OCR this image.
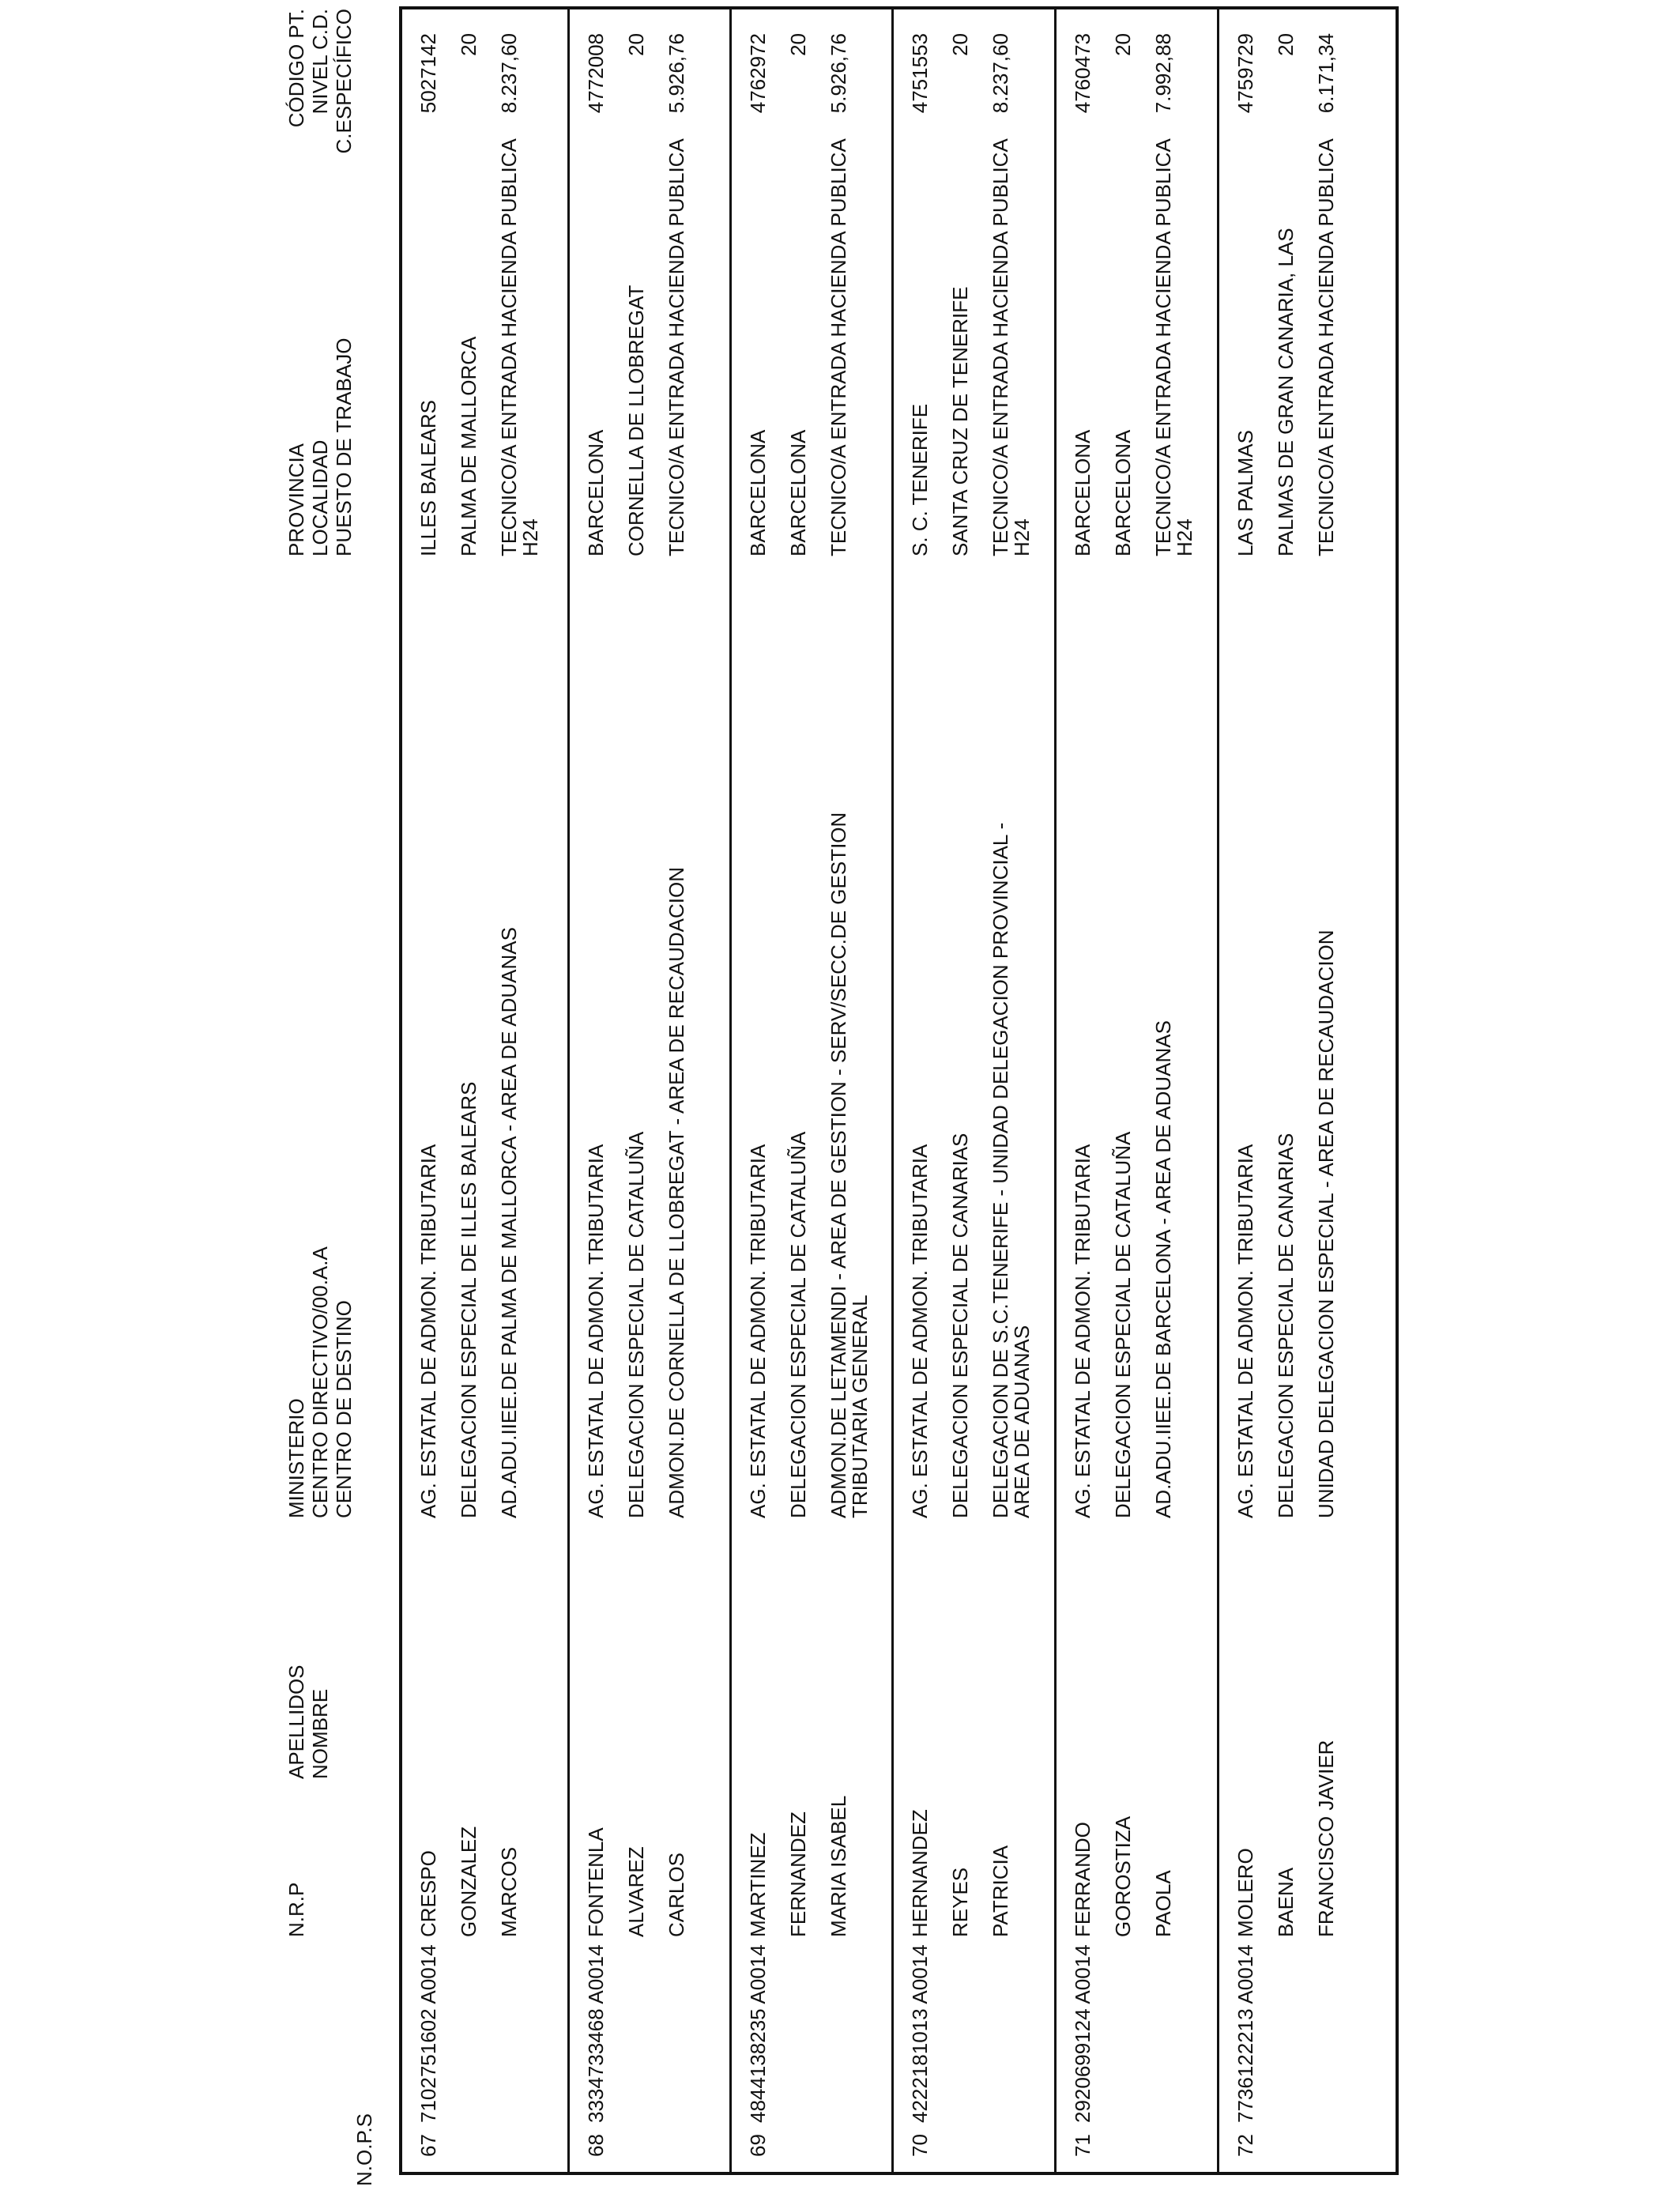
N.O.P.S
N.R.P
APELLIDOS NOMBRE
MINISTERIO CENTRO DIRECTIVO/00.A.A CENTRO DE DESTINO
PROVINCIA LOCALIDAD PUESTO DE TRABAJO
CÓDIGO PT. NIVEL C.D. C.ESPECÍFICO
67
7102751602 A0014
CRESPO GONZALEZ MARCOS
AG. ESTATAL DE ADMON. TRIBUTARIA DELEGACION ESPECIAL DE ILLES BALEARS AD.ADU.IIEE.DE PALMA DE MALLORCA - AREA DE ADUANAS
ILLES BALEARS PALMA DE MALLORCA TECNICO/A ENTRADA HACIENDA PUBLICA H24
5027142 20 8.237,60
68
3334733468 A0014
FONTENLA ALVAREZ CARLOS
AG. ESTATAL DE ADMON. TRIBUTARIA DELEGACION ESPECIAL DE CATALUÑA ADMON.DE CORNELLA DE LLOBREGAT - AREA DE RECAUDACION
BARCELONA CORNELLA DE LLOBREGAT TECNICO/A ENTRADA HACIENDA PUBLICA
4772008 20 5.926,76
69
4844138235 A0014
MARTINEZ FERNANDEZ MARIA ISABEL
AG. ESTATAL DE ADMON. TRIBUTARIA DELEGACION ESPECIAL DE CATALUÑA ADMON.DE LETAMENDI - AREA DE GESTION - SERV/SECC.DE GESTION TRIBUTARIA GENERAL
BARCELONA BARCELONA TECNICO/A ENTRADA HACIENDA PUBLICA
4762972 20 5.926,76
70
4222181013 A0014
HERNANDEZ REYES PATRICIA
AG. ESTATAL DE ADMON. TRIBUTARIA DELEGACION ESPECIAL DE CANARIAS DELEGACION DE S.C.TENERIFE - UNIDAD DELEGACION PROVINCIAL - AREA DE ADUANAS
S. C. TENERIFE SANTA CRUZ DE TENERIFE TECNICO/A ENTRADA HACIENDA PUBLICA H24
4751553 20 8.237,60
71
2920699124 A0014
FERRANDO GOROSTIZA PAOLA
AG. ESTATAL DE ADMON. TRIBUTARIA DELEGACION ESPECIAL DE CATALUÑA AD.ADU.IIEE.DE BARCELONA - AREA DE ADUANAS
BARCELONA BARCELONA TECNICO/A ENTRADA HACIENDA PUBLICA H24
4760473 20 7.992,88
72
7736122213 A0014
MOLERO BAENA FRANCISCO JAVIER
AG. ESTATAL DE ADMON. TRIBUTARIA DELEGACION ESPECIAL DE CANARIAS UNIDAD DELEGACION ESPECIAL - AREA DE RECAUDACION
LAS PALMAS PALMAS DE GRAN CANARIA, LAS TECNICO/A ENTRADA HACIENDA PUBLICA
4759729 20 6.171,34
